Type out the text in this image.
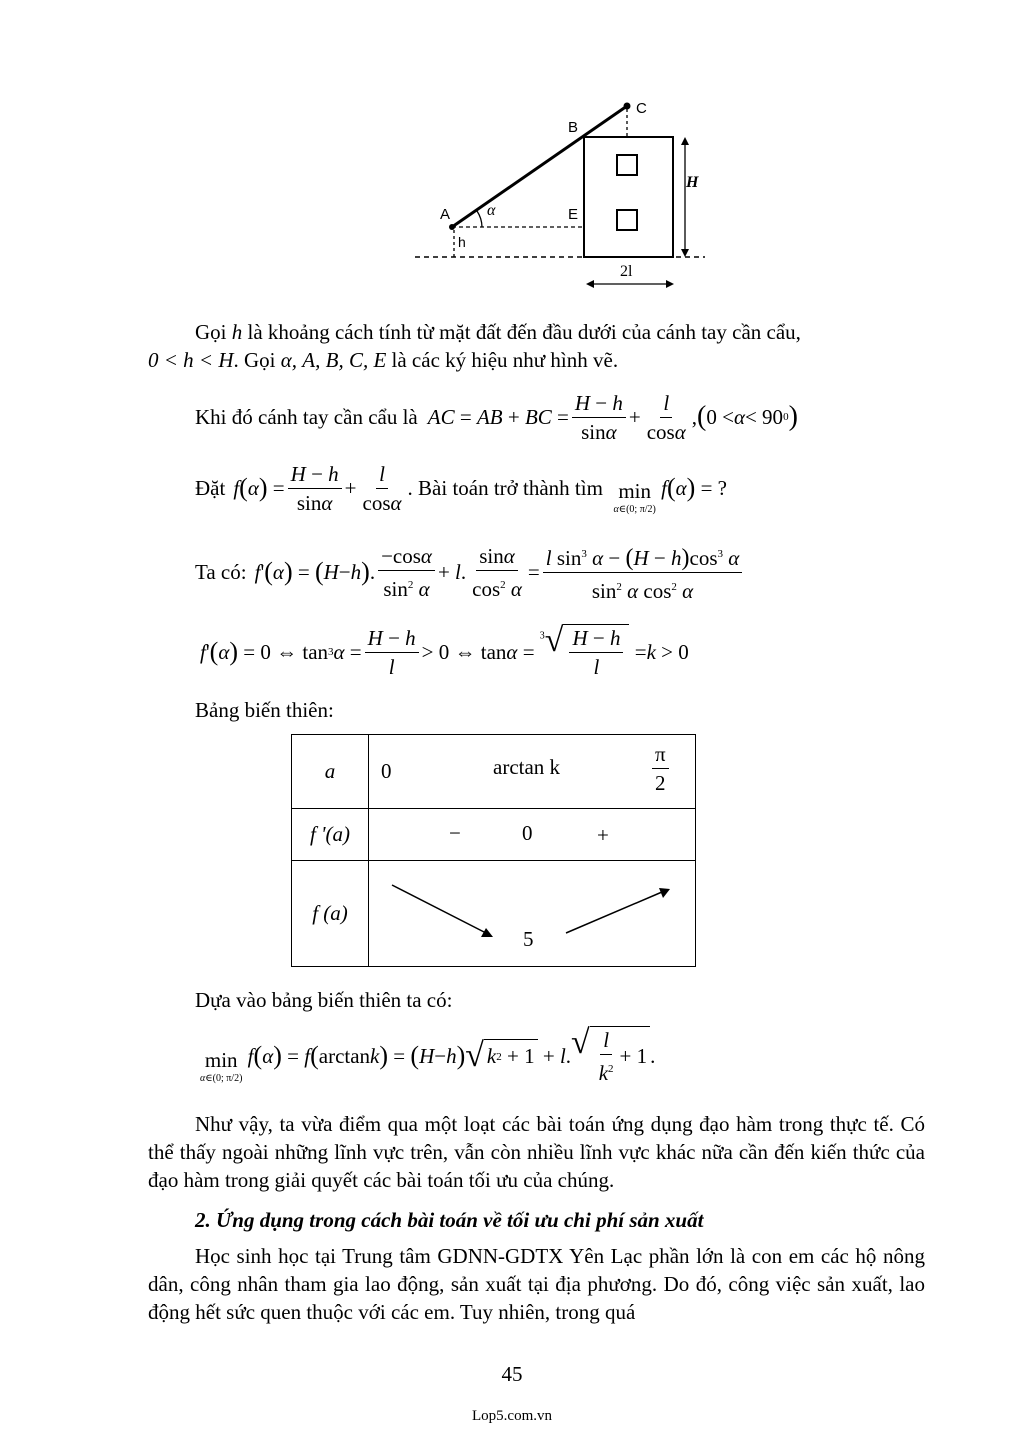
A
B
C
E
h
H
α
2l
Gọi h là khoảng cách tính từ mặt đất đến đầu dưới của cánh tay cần cẩu,
0 < h < H. Gọi α, A, B, C, E là các ký hiệu như hình vẽ.
Khi đó cánh tay cần cẩu là AC = AB + BC = $\frac{H - h}{\sin\alpha} + \frac{l}{\cos\alpha}$ , ( 0 < α < 90 0 )
Đặt f ( α ) = $\frac{H - h}{\sin\alpha} + \frac{l}{\cos\alpha}$ . Bài toán trở thành tìm
min
α∈(0; π/2)

f ( α ) = ?
Ta có: f ' ( α ) = ( H − h ) . $\frac{-\cos\alpha}{\sin^2 \alpha} + l$ . $\frac{\sin\alpha}{\cos^2 \alpha} = \frac{l \sin^3 \alpha - (H - h)\cos^3 \alpha}{\sin^2 \alpha \cos^2 \alpha}$
f ' ( α ) = 0 ⇔ tan 3 $\alpha = \frac{H - h}{l} > 0$ ⇔ tan α =
$^3√ \frac{H - h}{l} = k > 0$
Bảng biến thiên:
a	0 arctan k $\frac{\pi}{2}$

f '(a)	− 0 +

f (a)	5
Dựa vào bảng biến thiên ta có:
min
α∈(0; π/2)

f ( α ) = f ( arctan k ) = ( H − h ) √ k 2 + 1 + l . √ $\frac{l}{k^2} + 1$ .
Như vậy, ta vừa điểm qua một loạt các bài toán ứng dụng đạo hàm trong thực tế. Có thể thấy ngoài những lĩnh vực trên, vẫn còn nhiều lĩnh vực khác nữa cần đến kiến thức của đạo hàm trong giải quyết các bài toán tối ưu của chúng.
2. Ứng dụng trong cách bài toán về tối ưu chi phí sản xuất
Học sinh học tại Trung tâm GDNN-GDTX Yên Lạc phần lớn là con em các hộ nông dân, công nhân tham gia lao động, sản xuất tại địa phương. Do đó, công việc sản xuất, lao động hết sức quen thuộc với các em. Tuy nhiên, trong quá
45
Lop5.com.vn
